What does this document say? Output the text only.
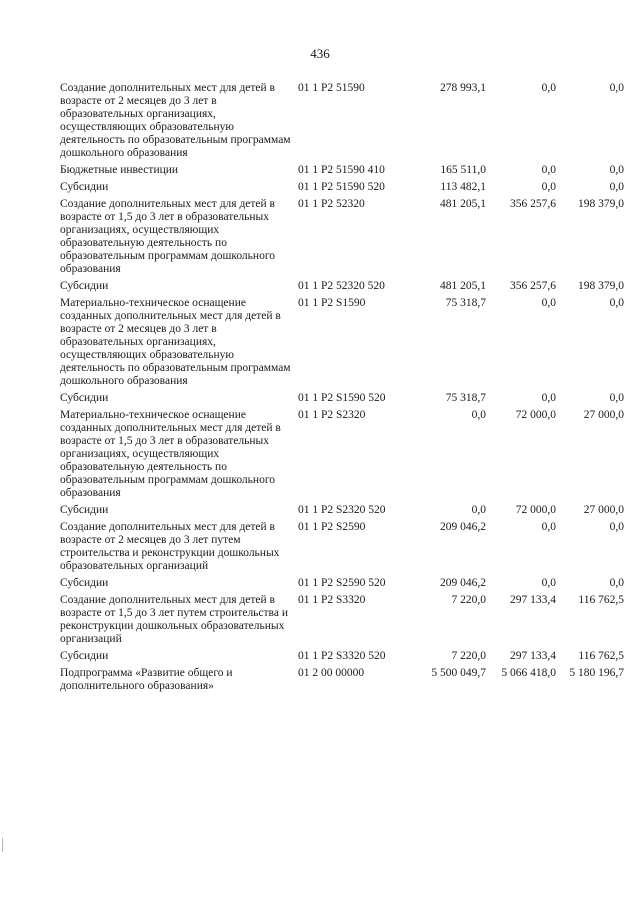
436
Создание дополнительных мест для детей в возрасте от 2 месяцев до 3 лет в образовательных организациях, осуществляющих образовательную деятельность по образовательным программам дошкольного образования	01 1 P2 51590	278 993,1	0,0	0,0
Бюджетные инвестиции	01 1 P2 51590 410	165 511,0	0,0	0,0
Субсидии	01 1 P2 51590 520	113 482,1	0,0	0,0
Создание дополнительных мест для детей в возрасте от 1,5 до 3 лет в образовательных организациях, осуществляющих образовательную деятельность по образовательным программам дошкольного образования	01 1 P2 52320	481 205,1	356 257,6	198 379,0
Субсидии	01 1 P2 52320 520	481 205,1	356 257,6	198 379,0
Материально-техническое оснащение созданных дополнительных мест для детей в возрасте от 2 месяцев до 3 лет в образовательных организациях, осуществляющих образовательную деятельность по образовательным программам дошкольного образования	01 1 P2 S1590	75 318,7	0,0	0,0
Субсидии	01 1 P2 S1590 520	75 318,7	0,0	0,0
Материально-техническое оснащение созданных дополнительных мест для детей в возрасте от 1,5 до 3 лет в образовательных организациях, осуществляющих образовательную деятельность по образовательным программам дошкольного образования	01 1 P2 S2320	0,0	72 000,0	27 000,0
Субсидии	01 1 P2 S2320 520	0,0	72 000,0	27 000,0
Создание дополнительных мест для детей в возрасте от 2 месяцев до 3 лет путем строительства и реконструкции дошкольных образовательных организаций	01 1 P2 S2590	209 046,2	0,0	0,0
Субсидии	01 1 P2 S2590 520	209 046,2	0,0	0,0
Создание дополнительных мест для детей в возрасте от 1,5 до 3 лет путем строительства и реконструкции дошкольных образовательных организаций	01 1 P2 S3320	7 220,0	297 133,4	116 762,5
Субсидии	01 1 P2 S3320 520	7 220,0	297 133,4	116 762,5
Подпрограмма «Развитие общего и дополнительного образования»	01 2 00 00000	5 500 049,7	5 066 418,0	5 180 196,7
